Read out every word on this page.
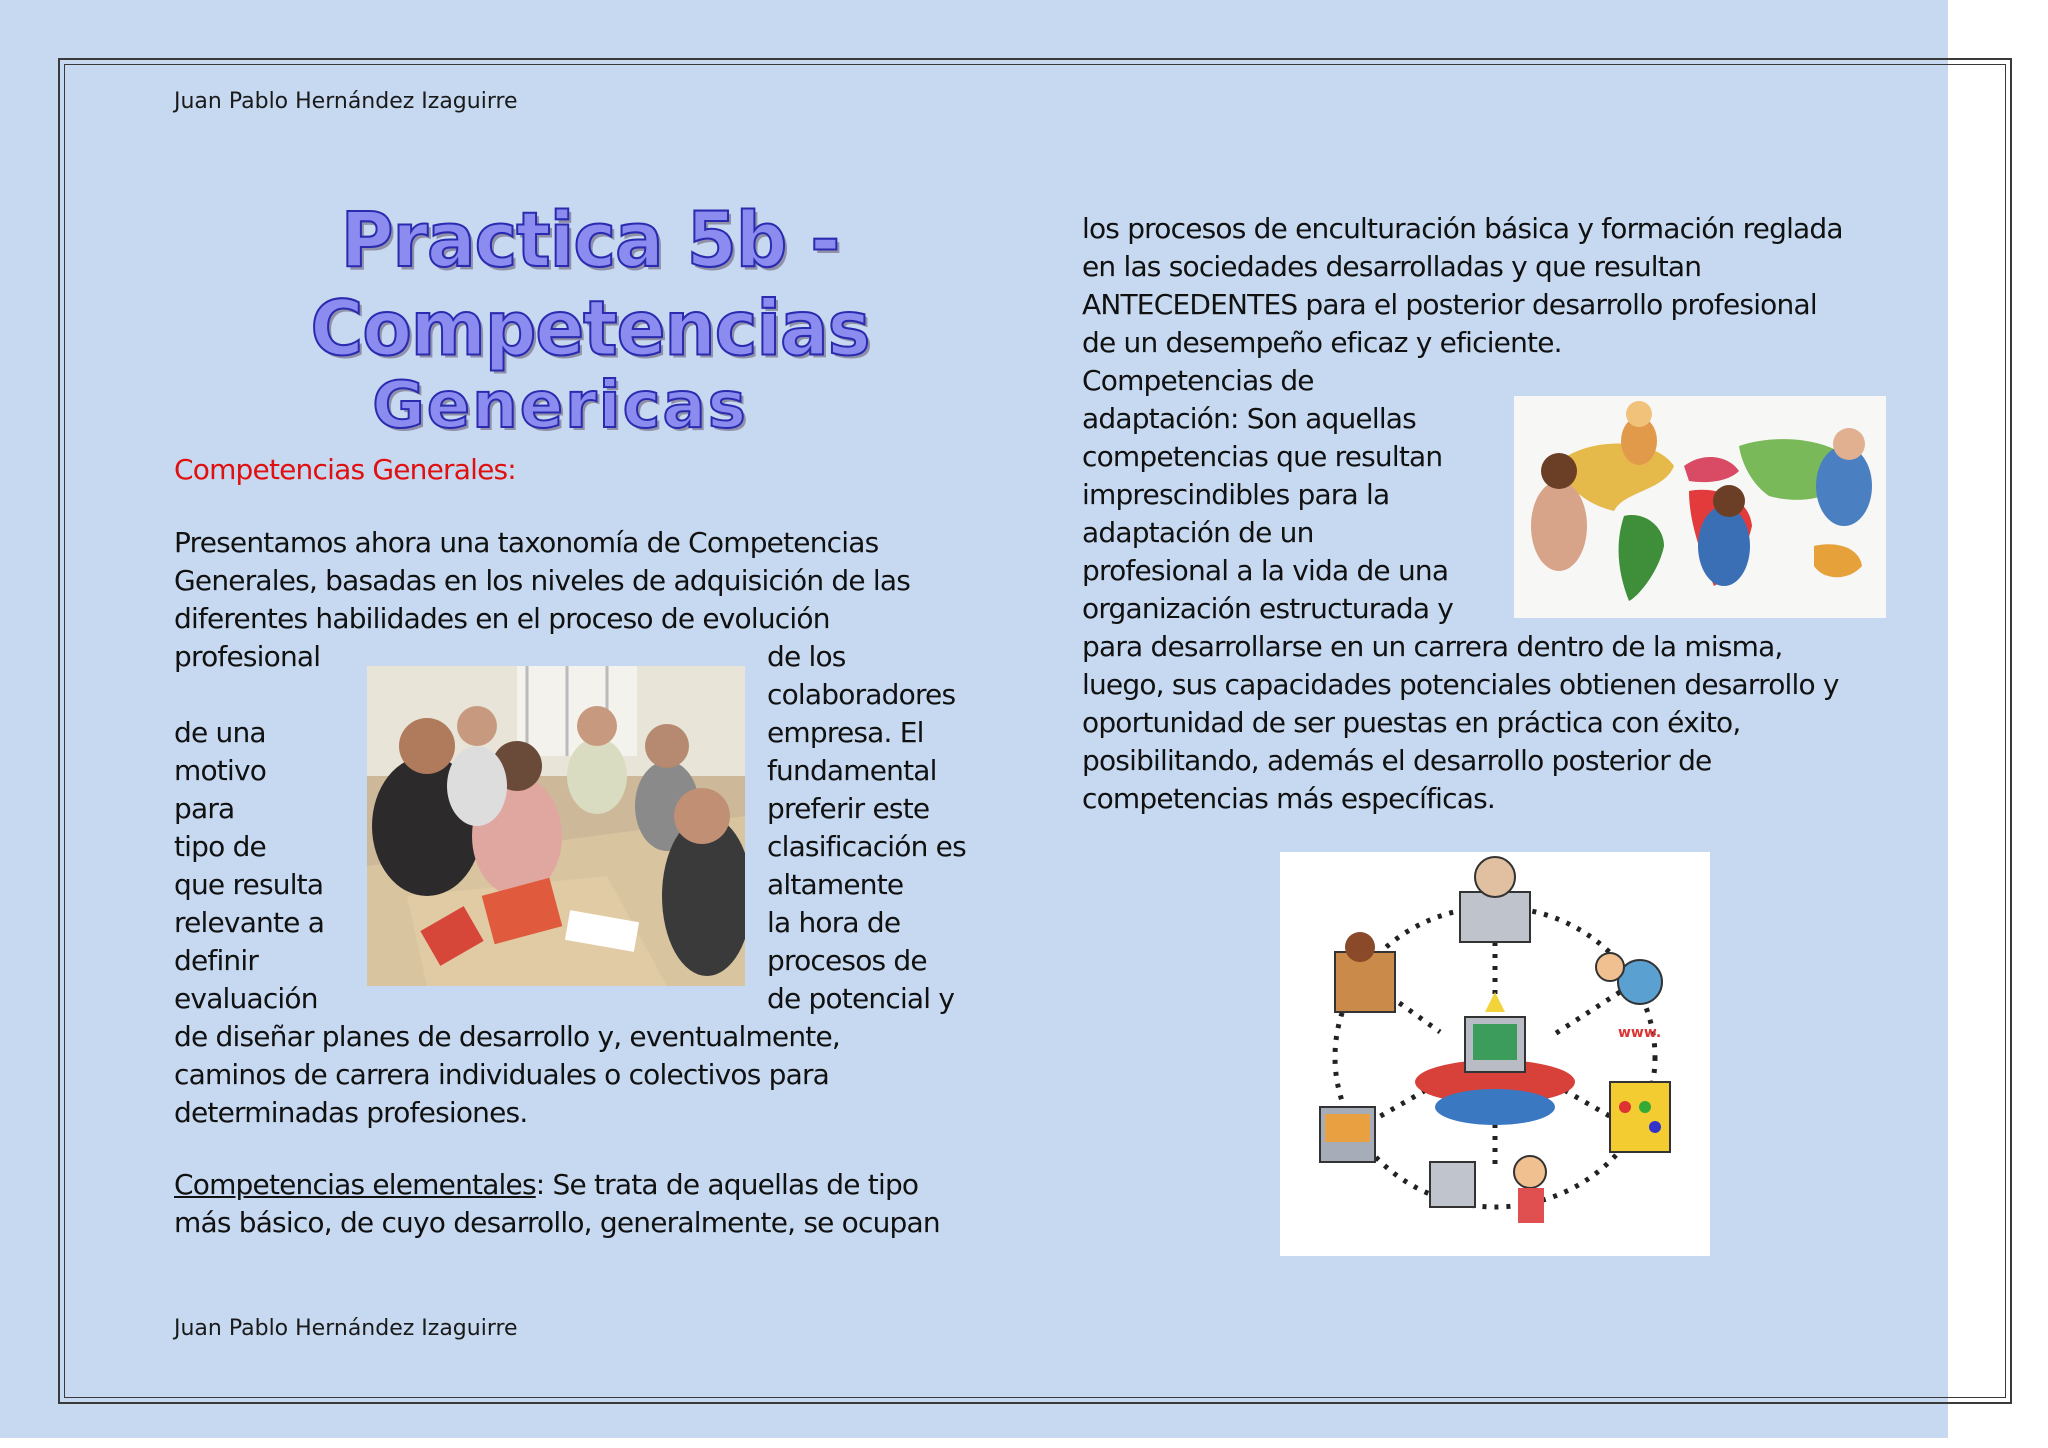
Juan Pablo Hernández Izaguirre
Practica 5b - Competencias
Genericas
Competencias Generales:
Presentamos ahora una taxonomía de Competencias
Generales, basadas en los niveles de adquisición de las
diferentes habilidades en el proceso de evolución
profesional

de una
motivo
para
tipo de
que resulta
relevante a
definir
evaluación
de los
colaboradores
empresa. El
fundamental
preferir este
clasificación es
altamente
la hora de
procesos de
de potencial y
de diseñar planes de desarrollo y, eventualmente,
caminos de carrera individuales o colectivos para
determinadas profesiones.
Competencias elementales: Se trata de aquellas de tipo
más básico, de cuyo desarrollo, generalmente, se ocupan
los procesos de enculturación básica y formación reglada
en las sociedades desarrolladas y que resultan
ANTECEDENTES para el posterior desarrollo profesional
de un desempeño eficaz y eficiente.
Competencias de
adaptación: Son aquellas
competencias que resultan
imprescindibles para la
adaptación de un
profesional a la vida de una
organización estructurada y
para desarrollarse en un carrera dentro de la misma,
luego, sus capacidades potenciales obtienen desarrollo y
oportunidad de ser puestas en práctica con éxito,
posibilitando, además el desarrollo posterior de
competencias más específicas.
www.
Juan Pablo Hernández Izaguirre
